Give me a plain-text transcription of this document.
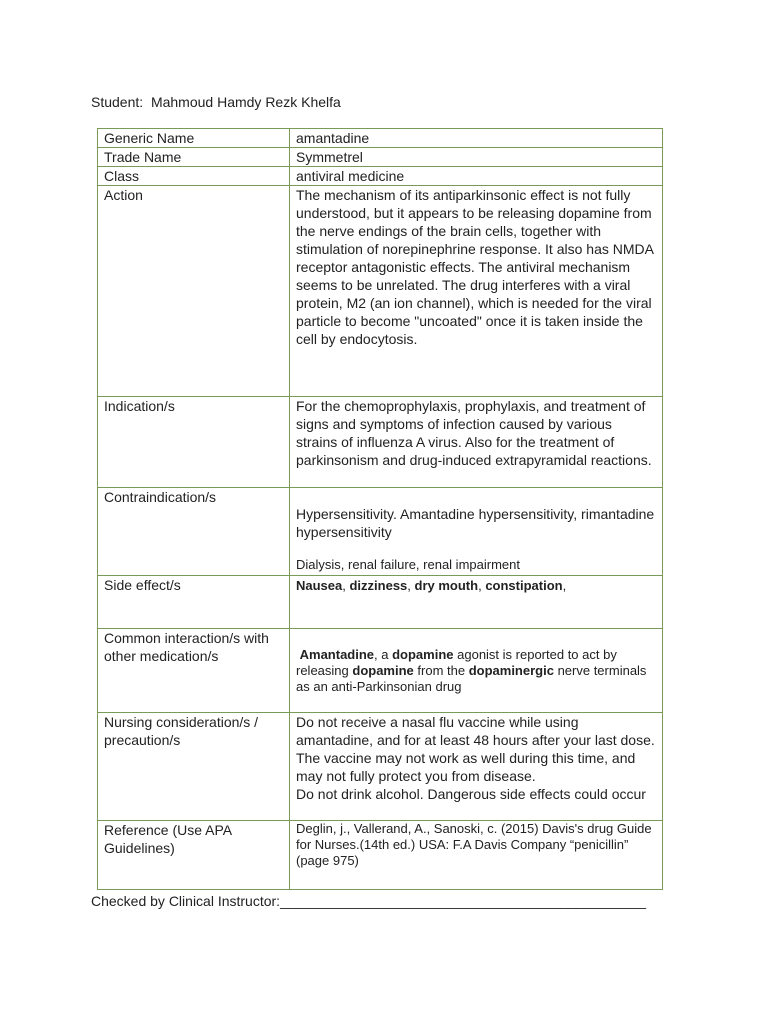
Student: Mahmoud Hamdy Rezk Khelfa
Generic Name	amantadine
Trade Name	Symmetrel
Class	antiviral medicine
Action	The mechanism of its antiparkinsonic effect is not fully understood, but it appears to be releasing dopamine from the nerve endings of the brain cells, together with stimulation of norepinephrine response. It also has NMDA receptor antagonistic effects. The antiviral mechanism seems to be unrelated. The drug interferes with a viral protein, M2 (an ion channel), which is needed for the viral particle to become "uncoated" once it is taken inside the cell by endocytosis.
Indication/s	For the chemoprophylaxis, prophylaxis, and treatment of signs and symptoms of infection caused by various strains of influenza A virus. Also for the treatment of parkinsonism and drug-induced extrapyramidal reactions.
Contraindication/s	Hypersensitivity. Amantadine hypersensitivity, rimantadine hypersensitivity
Dialysis, renal failure, renal impairment

Side effect/s	Nausea, dizziness, dry mouth, constipation,
Common interaction/s with other medication/s	Amantadine, a dopamine agonist is reported to act by releasing dopamine from the dopaminergic nerve terminals as an anti-Parkinsonian drug
Nursing consideration/s / precaution/s	Do not receive a nasal flu vaccine while using amantadine, and for at least 48 hours after your last dose. The vaccine may not work as well during this time, and may not fully protect you from disease.
Do not drink alcohol. Dangerous side effects could occur

Reference (Use APA Guidelines)	Deglin, j., Vallerand, A., Sanoski, c. (2015) Davis's drug Guide for Nurses.(14th ed.) USA: F.A Davis Company “penicillin” (page 975)
Checked by Clinical Instructor:_______________________________________________
